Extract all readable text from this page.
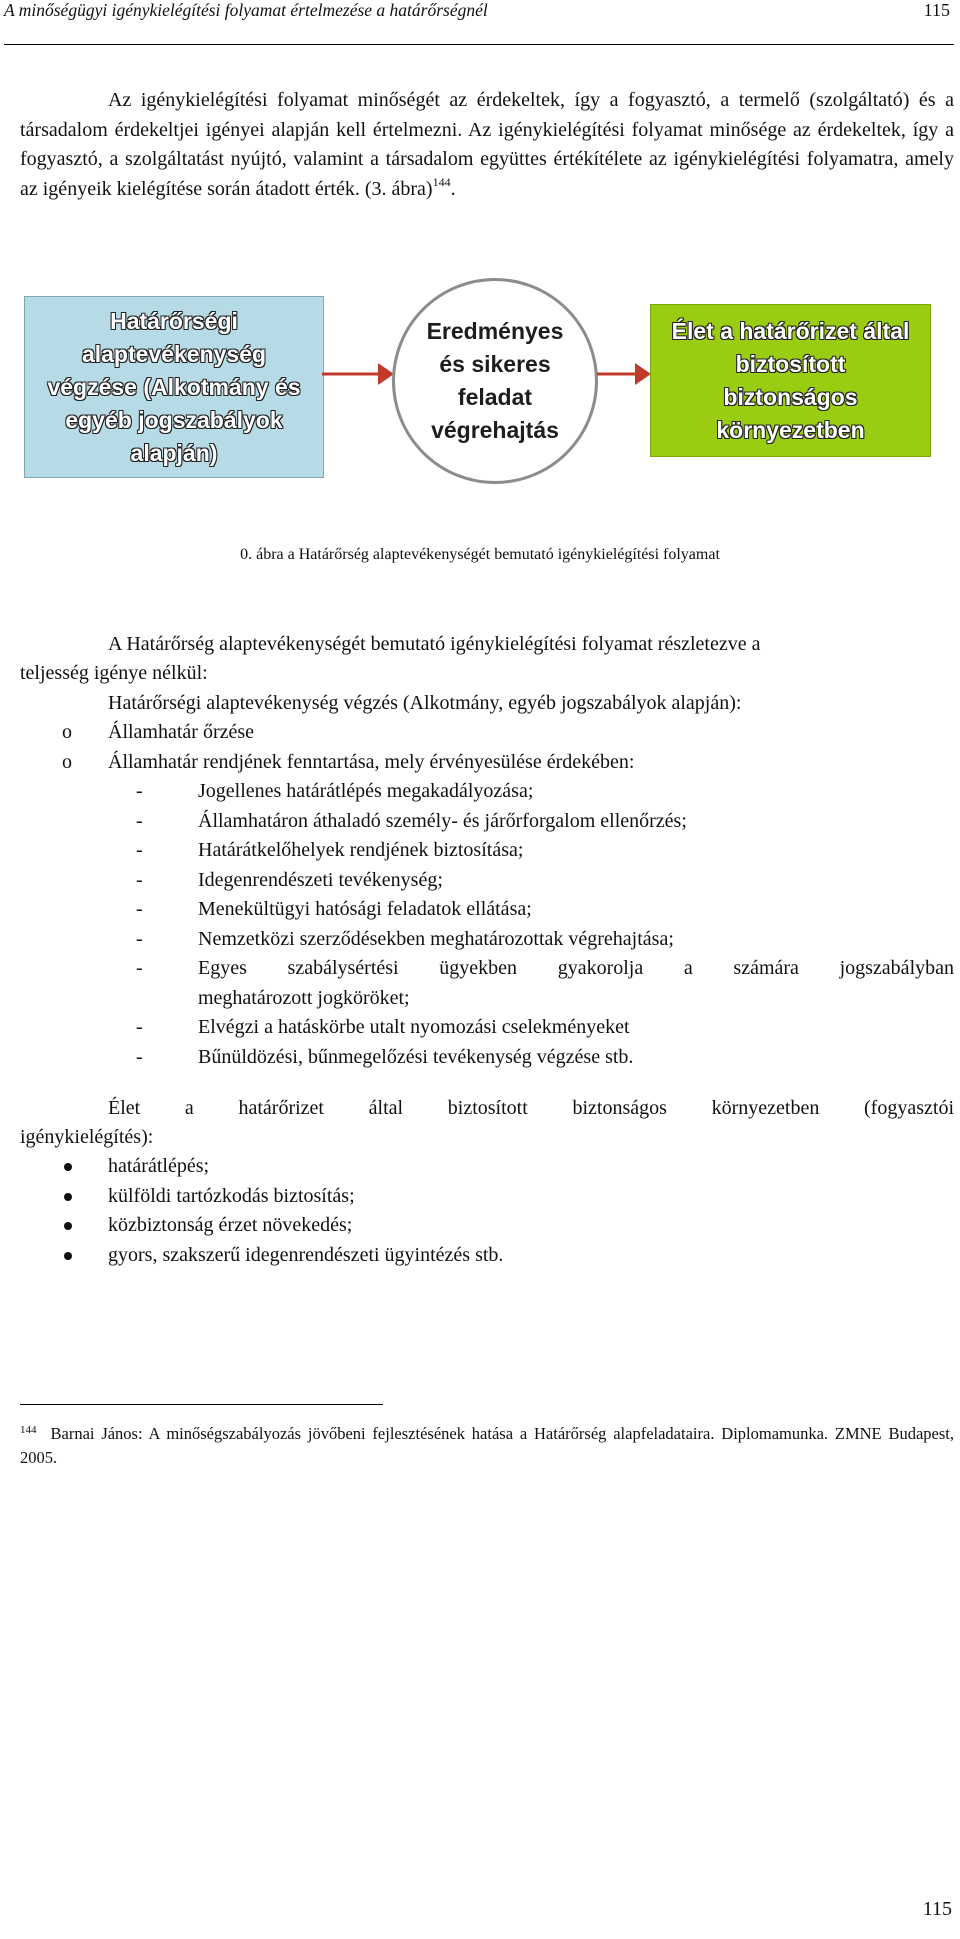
A minőségügyi igénykielégítési folyamat értelmezése a határőrségnél	115

Az igénykielégítési folyamat minőségét az érdekeltek, így a fogyasztó, a termelő (szolgáltató) és a társadalom érdekeltjei igényei alapján kell értelmezni. Az igénykielégítési folyamat minősége az érdekeltek, így a fogyasztó, a szolgáltatást nyújtó, valamint a társadalom együttes értékítélete az igénykielégítési folyamatra, amely az igényeik kielégítése során átadott érték. (3. ábra)$^{144}$.

Határőrségi
alaptevékenység
végzése (Alkotmány és
egyéb jogszabályok
alapján)
Eredményes
és sikeres
feladat
végrehajtás
Élet a határőrizet által
biztosított
biztonságos
környezetben
0. ábra a Határőrség alaptevékenységét bemutató igénykielégítési folyamat
A Határőrség alaptevékenységét bemutató igénykielégítési folyamat részletezve a
teljesség igénye nélkül:
Határőrségi alaptevékenység végzés (Alkotmány, egyéb jogszabályok alapján):
o Államhatár őrzése
o Államhatár rendjének fenntartása, mely érvényesülése érdekében:
-	Jogellenes határátlépés megakadályozása;
-	Államhatáron áthaladó személy- és járőrforgalom ellenőrzés;
-	Határátkelőhelyek rendjének biztosítása;
-	Idegenrendészeti tevékenység;
-	Menekültügyi hatósági feladatok ellátása;
-	Nemzetközi szerződésekben meghatározottak végrehajtása;
-	Egyes szabálysértési ügyekben gyakorolja a számára jogszabályban
meghatározott jogköröket;
-	Elvégzi a hatáskörbe utalt nyomozási cselekményeket
-	Bűnüldözési, bűnmegelőzési tevékenység végzése stb.
Élet a határőrizet által biztosított biztonságos környezetben (fogyasztói
igénykielégítés):
határátlépés;
külföldi tartózkodás biztosítás;
közbiztonság érzet növekedés;
gyors, szakszerű idegenrendészeti ügyintézés stb.

$^{144}$ Barnai János: A minőségszabályozás jövőbeni fejlesztésének hatása a Határőrség alapfeladataira. Diplomamunka. ZMNE Budapest, 2005.

115
